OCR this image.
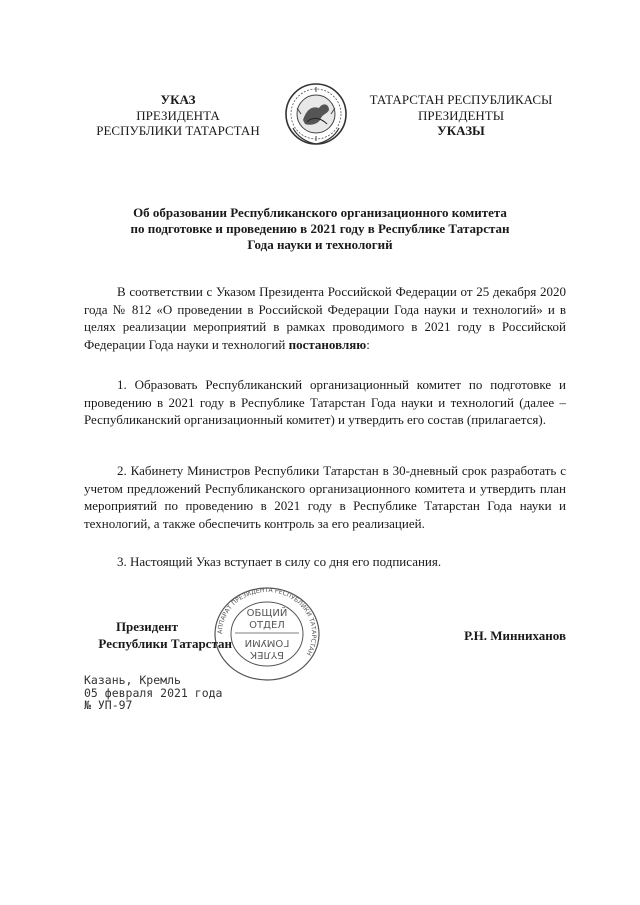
УКАЗ
ПРЕЗИДЕНТА
РЕСПУБЛИКИ ТАТАРСТАН
ТАТАРСТАН РЕСПУБЛИКАСЫ
ПРЕЗИДЕНТЫ
УКАЗЫ
Об образовании Республиканского организационного комитета
по подготовке и проведению в 2021 году в Республике Татарстан
Года науки и технологий
В соответствии с Указом Президента Российской Федерации от 25 декабря 2020 года № 812 «О проведении в Российской Федерации Года науки и технологий» и в целях реализации мероприятий в рамках проводимого в 2021 году в Российской Федерации Года науки и технологий постановляю:
1. Образовать Республиканский организационный комитет по подготовке и проведению в 2021 году в Республике Татарстан Года науки и технологий (далее – Республиканский организационный комитет) и утвердить его состав (прилагается).
2. Кабинету Министров Республики Татарстан в 30-дневный срок разработать с учетом предложений Республиканского организационного комитета и утвердить план мероприятий по проведению в 2021 году в Республике Татарстан Года науки и технологий, а также обеспечить контроль за его реализацией.
3. Настоящий Указ вступает в силу со дня его подписания.
АППАРАТ ПРЕЗИДЕНТА РЕСПУБЛИКИ ТАТАРСТАН
ОБЩИЙ
ОТДЕЛ
БҮЛЕК
ГОМУМИ
Президент
Республики Татарстан
Р.Н. Минниханов
Казань, Кремль
05 февраля 2021 года
№ УП-97
